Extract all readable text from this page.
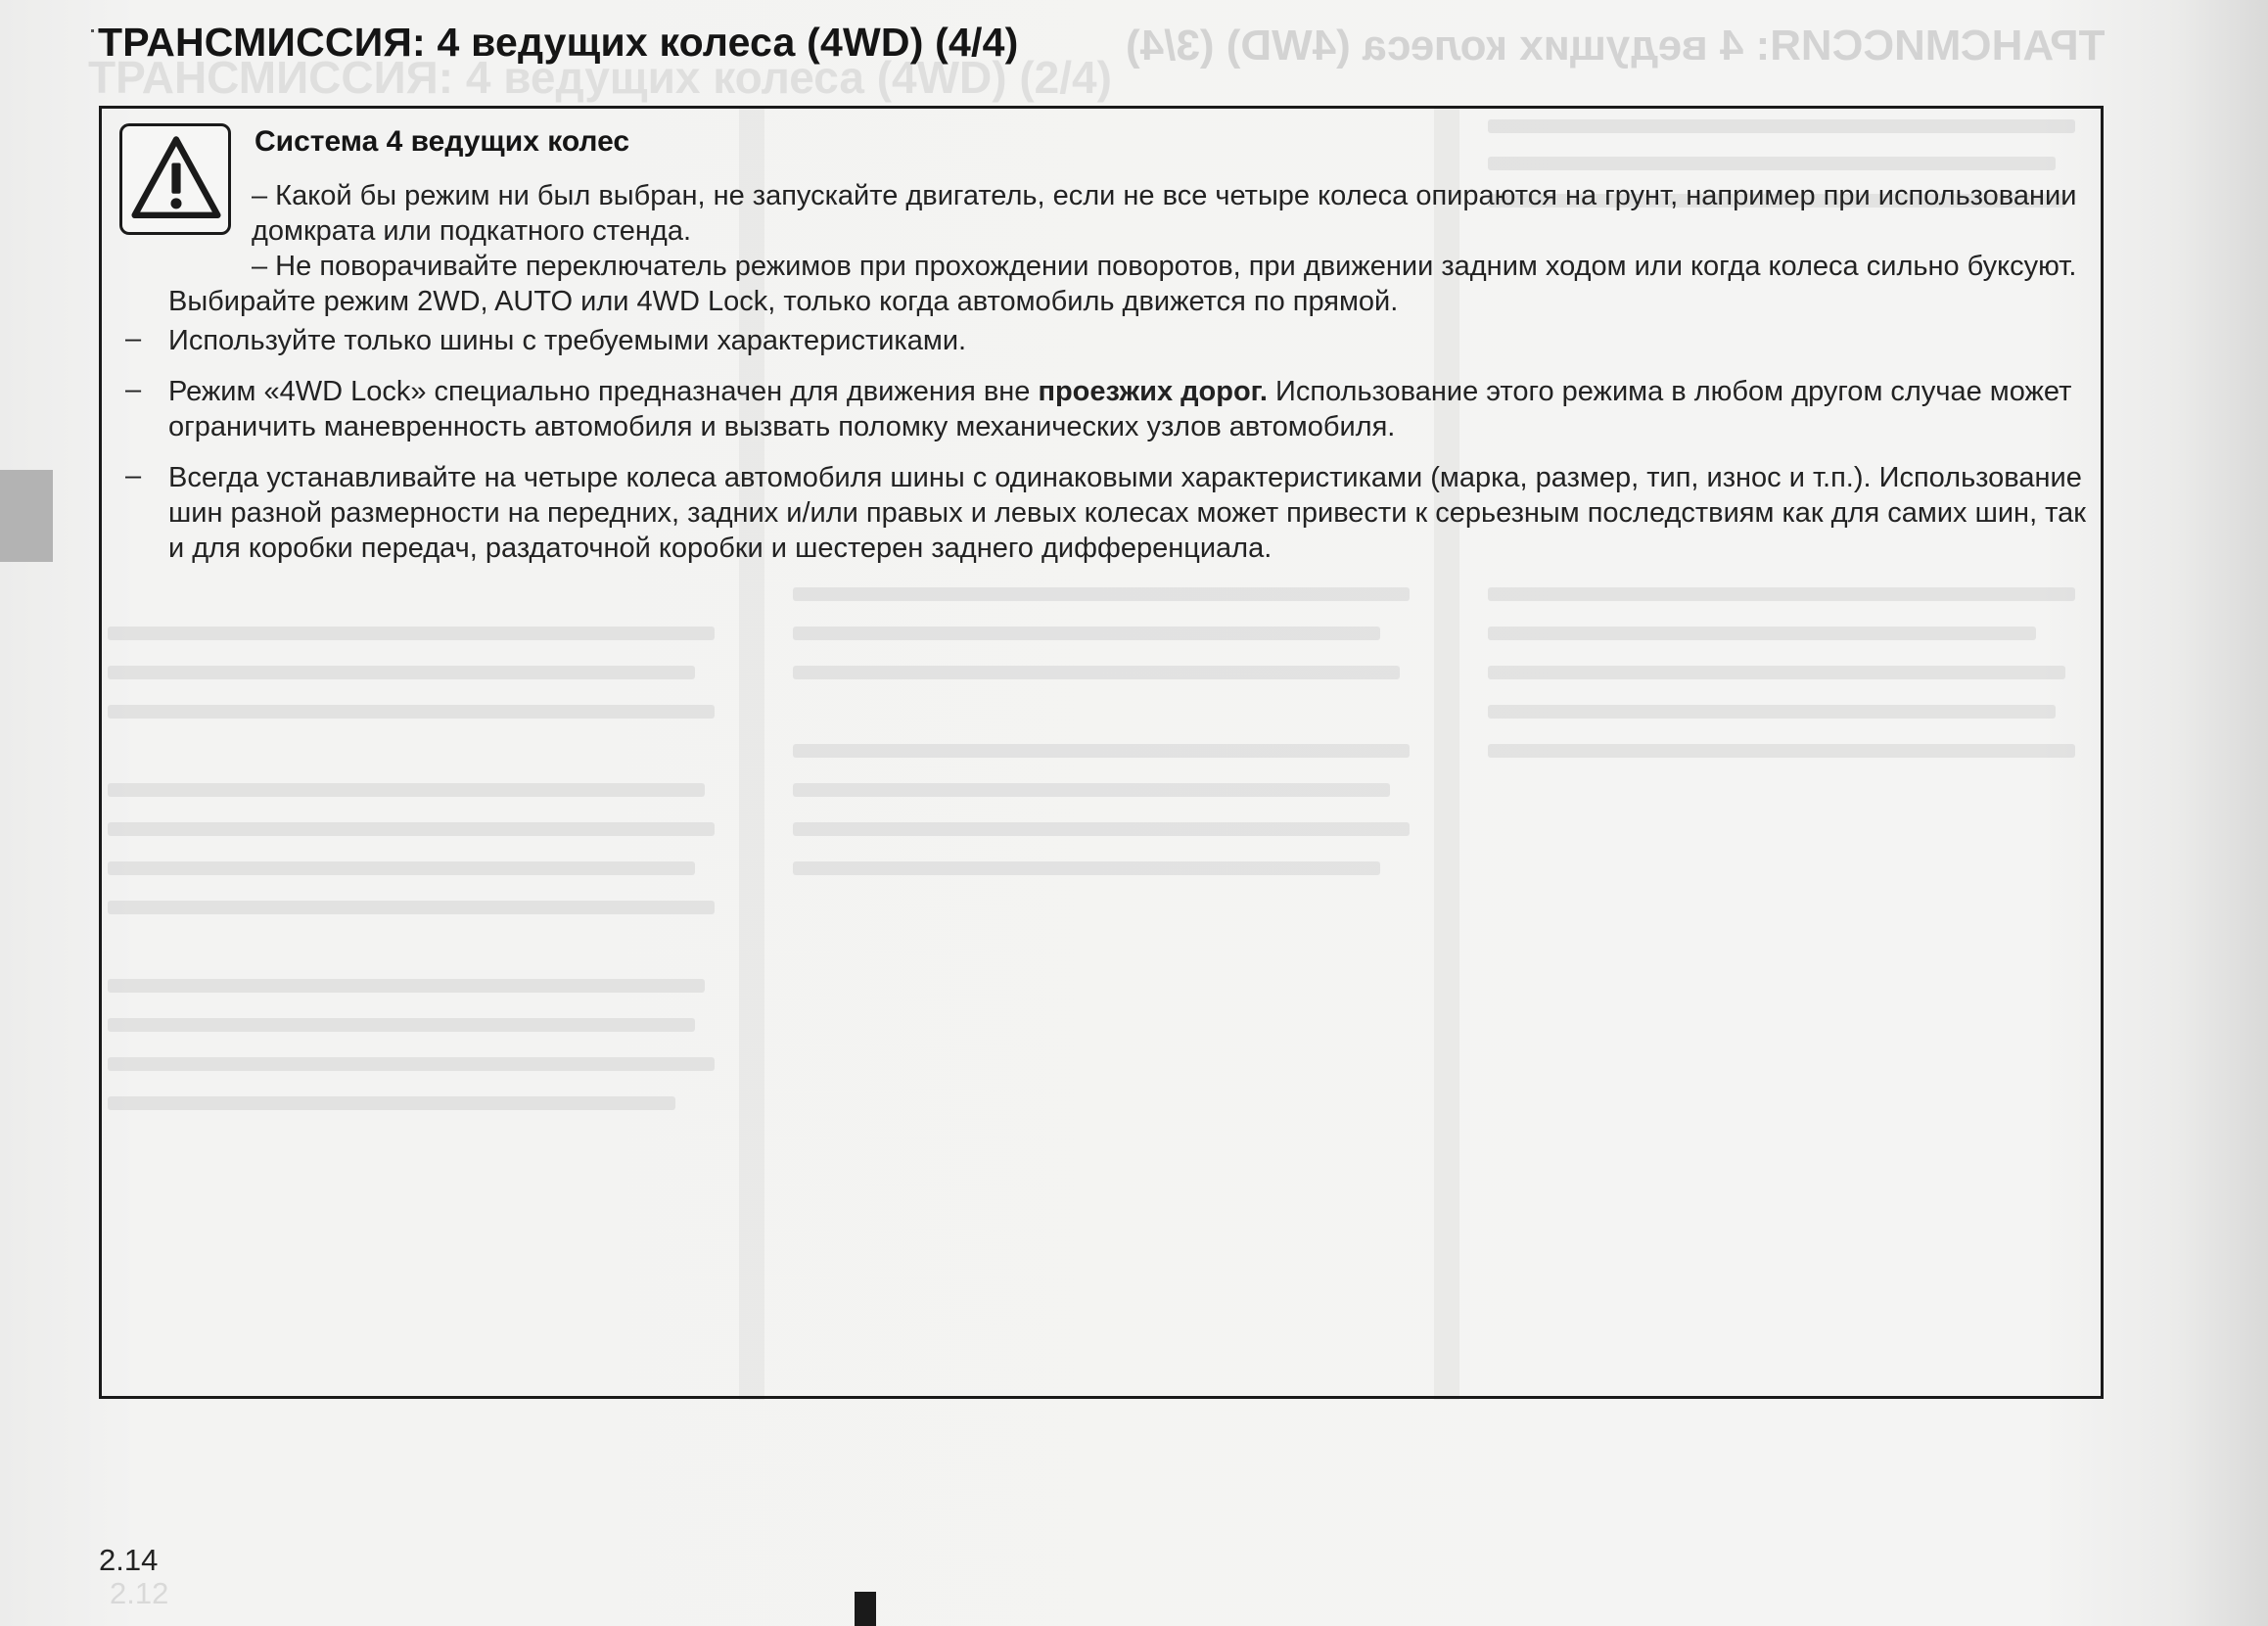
ТРАНСМИССИЯ: 4 ведущих колеса (4WD) (3/4)
ТРАНСМИССИЯ: 4 ведущих колеса (4WD) (2/4)
ТРАНСМИССИЯ: 4 ведущих колеса (4WD) (4/4)
Система 4 ведущих колес

– Какой бы режим ни был выбран, не запускайте двигатель, если не все четыре колеса опираются на грунт, например при использовании домкрата или подкатного стенда.

– Не поворачивайте переключатель режимов при прохождении поворотов, при движении задним ходом или когда колеса сильно буксуют. Выбирайте режим 2WD, AUTO или 4WD Lock, только когда автомобиль движется по прямой.

– Используйте только шины с требуемыми характеристиками.

– Режим «4WD Lock» специально предназначен для движения вне проезжих дорог. Использование этого режима в любом другом случае может ограничить маневренность автомобиля и вызвать поломку механических узлов автомобиля.

– Всегда устанавливайте на четыре колеса автомобиля шины с одинаковыми характеристиками (марка, размер, тип, износ и т.п.). Использование шин разной размерности на передних, задних и/или правых и левых колесах может привести к серьезным последствиям как для самих шин, так и для коробки передач, раздаточной коробки и шестерен заднего дифференциала.

2.14
2.12
